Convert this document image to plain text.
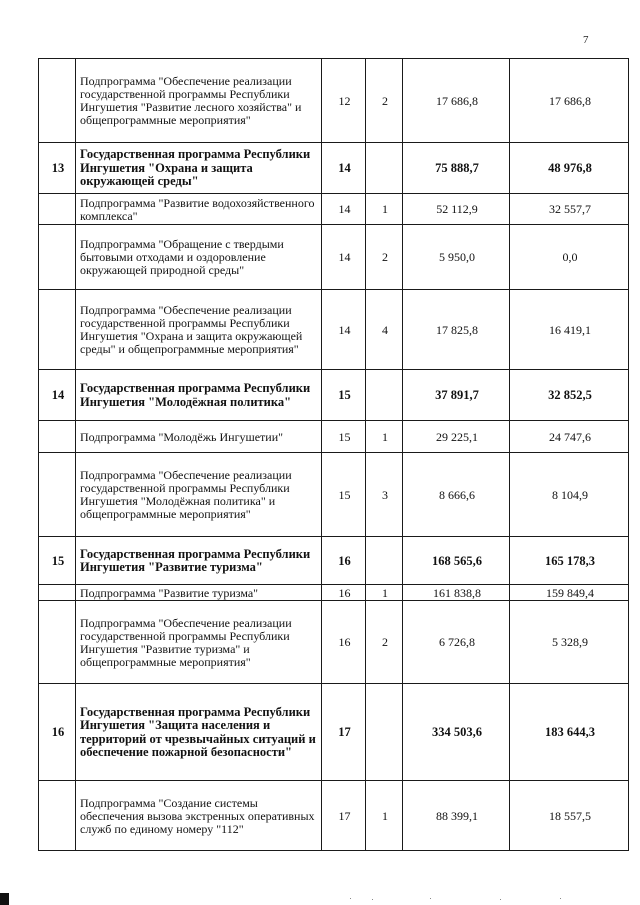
7
	Подпрограмма "Обеспечение реализации государственной программы Республики Ингушетия "Развитие лесного хозяйства" и общепрограммные мероприятия"	12	2	17 686,8	17 686,8
13	Государственная программа Республики Ингушетия "Охрана и защита окружающей среды"	14		75 888,7	48 976,8
	Подпрограмма "Развитие водохозяйственного комплекса"	14	1	52 112,9	32 557,7
	Подпрограмма "Обращение с твердыми бытовыми отходами и оздоровление окружающей природной среды"	14	2	5 950,0	0,0
	Подпрограмма "Обеспечение реализации государственной программы Республики Ингушетия "Охрана и защита окружающей среды" и общепрограммные мероприятия"	14	4	17 825,8	16 419,1
14	Государственная программа Республики Ингушетия "Молодёжная политика"	15		37 891,7	32 852,5
	Подпрограмма "Молодёжь Ингушетии"	15	1	29 225,1	24 747,6
	Подпрограмма "Обеспечение реализации государственной программы Республики Ингушетия "Молодёжная политика" и общепрограммные мероприятия"	15	3	8 666,6	8 104,9
15	Государственная программа Республики Ингушетия "Развитие туризма"	16		168 565,6	165 178,3
	Подпрограмма "Развитие туризма"	16	1	161 838,8	159 849,4
	Подпрограмма "Обеспечение реализации государственной программы Республики Ингушетия "Развитие туризма" и общепрограммные мероприятия"	16	2	6 726,8	5 328,9
16	Государственная программа Республики Ингушетия "Защита населения и территорий от чрезвычайных ситуаций и обеспечение пожарной безопасности"	17		334 503,6	183 644,3
	Подпрограмма "Создание системы обеспечения вызова экстренных оперативных служб по единому номеру "112"	17	1	88 399,1	18 557,5
